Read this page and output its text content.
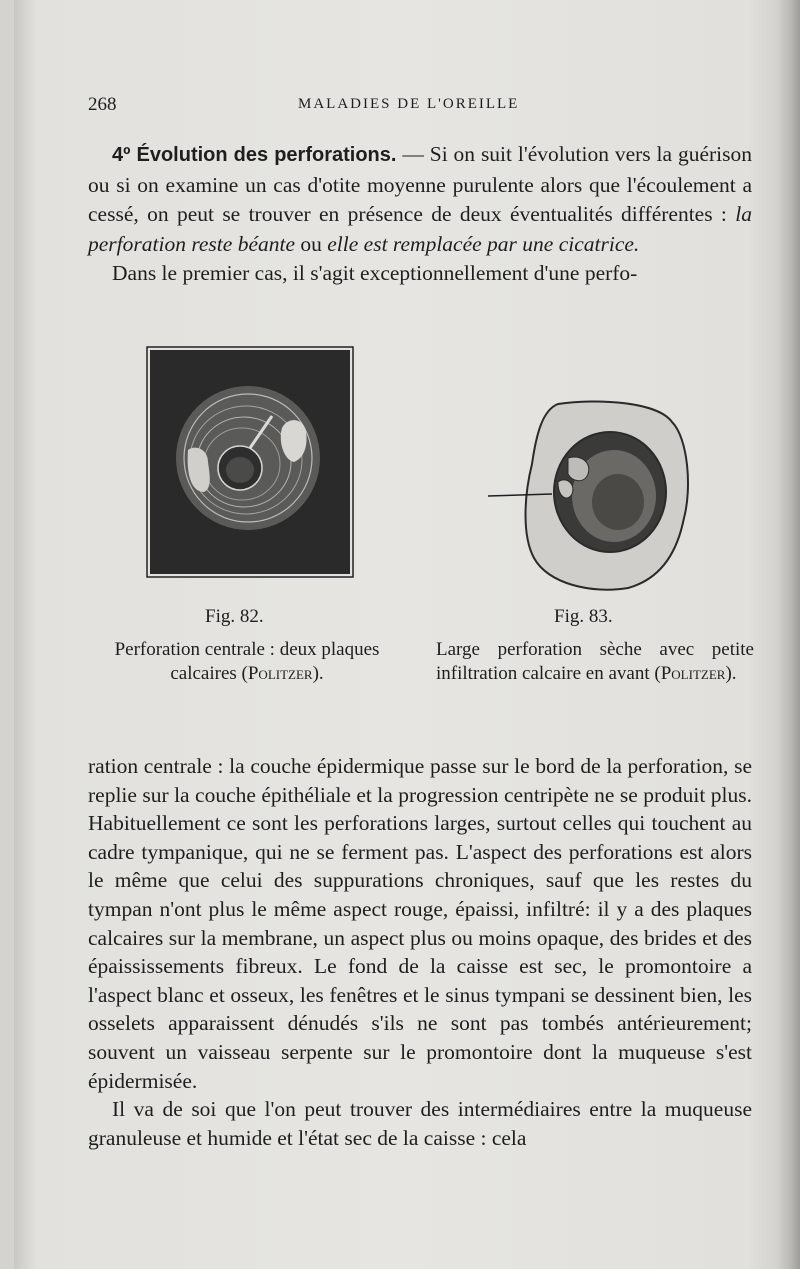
268	MALADIES DE L'OREILLE

4º Évolution des perforations. — Si on suit l'évolution vers la guérison ou si on examine un cas d'otite moyenne purulente alors que l'écoulement a cessé, on peut se trouver en présence de deux éventualités différentes : la perforation reste béante ou elle est remplacée par une cicatrice.

Dans le premier cas, il s'agit exceptionnellement d'une perfo-

Fig. 82.	Fig. 83.
Perforation centrale : deux plaques calcaires (Politzer).
Large perforation sèche avec petite infiltration calcaire en avant (Politzer).

ration centrale : la couche épidermique passe sur le bord de la perforation, se replie sur la couche épithéliale et la progression centripète ne se produit plus. Habituellement ce sont les perforations larges, surtout celles qui touchent au cadre tympanique, qui ne se ferment pas. L'aspect des perforations est alors le même que celui des suppurations chroniques, sauf que les restes du tympan n'ont plus le même aspect rouge, épaissi, infiltré: il y a des plaques calcaires sur la membrane, un aspect plus ou moins opaque, des brides et des épaississements fibreux. Le fond de la caisse est sec, le promontoire a l'aspect blanc et osseux, les fenêtres et le sinus tympani se dessinent bien, les osselets apparaissent dénudés s'ils ne sont pas tombés antérieurement; souvent un vaisseau serpente sur le promontoire dont la muqueuse s'est épidermisée.

Il va de soi que l'on peut trouver des intermédiaires entre la muqueuse granuleuse et humide et l'état sec de la caisse : cela
